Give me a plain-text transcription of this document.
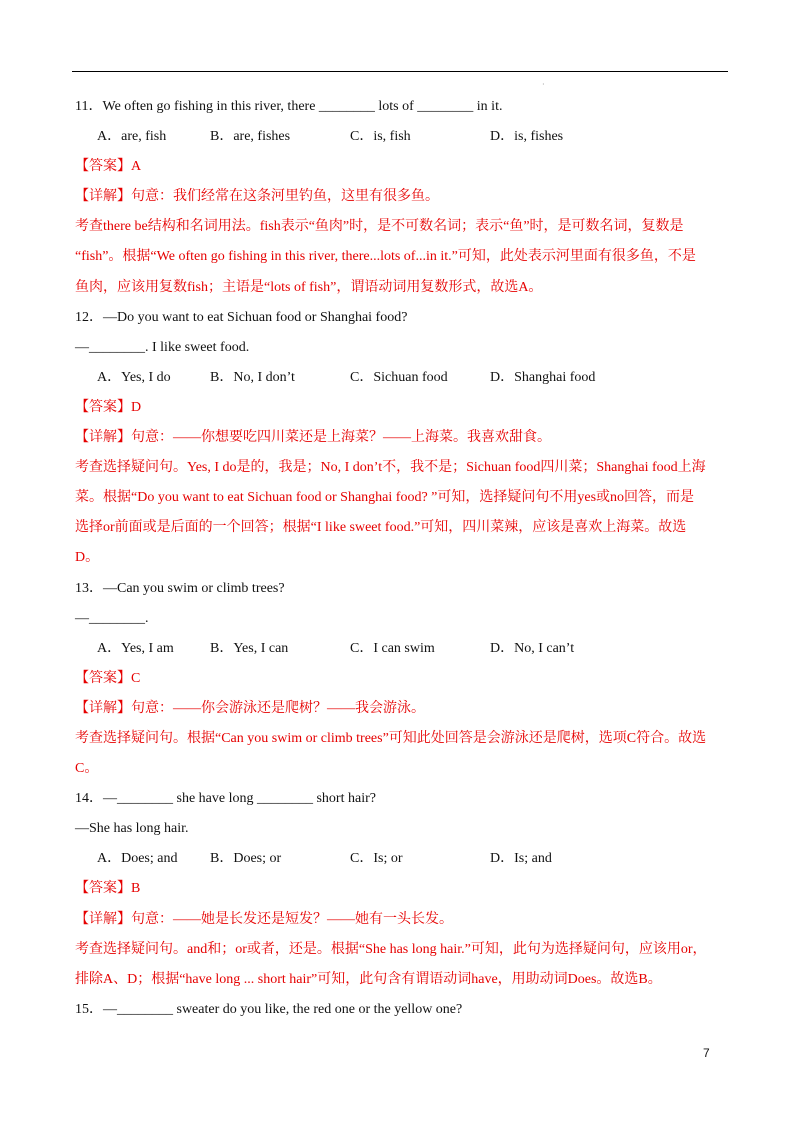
·
11．We often go fishing in this river, there ________ lots of ________ in it.
A．are, fish	B．are, fishes	C．is, fish	D．is, fishes
【答案】A
【详解】句意：我们经常在这条河里钓鱼，这里有很多鱼。
考查there be结构和名词用法。fish表示“鱼肉”时，是不可数名词；表示“鱼”时，是可数名词，复数是
“fish”。根据“We often go fishing in this river, there...lots of...in it.”可知，此处表示河里面有很多鱼，不是
鱼肉，应该用复数fish；主语是“lots of fish”，谓语动词用复数形式，故选A。
12．—Do you want to eat Sichuan food or Shanghai food?
—________. I like sweet food.
A．Yes, I do	B．No, I don’t	C．Sichuan food	D．Shanghai food
【答案】D
【详解】句意：——你想要吃四川菜还是上海菜？——上海菜。我喜欢甜食。
考查选择疑问句。Yes, I do是的，我是；No, I don’t不，我不是；Sichuan food四川菜；Shanghai food上海
菜。根据“Do you want to eat Sichuan food or Shanghai food? ”可知，选择疑问句不用yes或no回答，而是
选择or前面或是后面的一个回答；根据“I like sweet food.”可知，四川菜辣，应该是喜欢上海菜。故选
D。
13．—Can you swim or climb trees?
—________.
A．Yes, I am	B．Yes, I can	C．I can swim	D．No, I can’t
【答案】C
【详解】句意：——你会游泳还是爬树？——我会游泳。
考查选择疑问句。根据“Can you swim or climb trees”可知此处回答是会游泳还是爬树，选项C符合。故选
C。
14．—________ she have long ________ short hair?
—She has long hair.
A．Does; and	B．Does; or	C．Is; or	D．Is; and
【答案】B
【详解】句意：——她是长发还是短发？——她有一头长发。
考查选择疑问句。and和；or或者，还是。根据“She has long hair.”可知，此句为选择疑问句，应该用or，
排除A、D；根据“have long ... short hair”可知，此句含有谓语动词have，用助动词Does。故选B。
15．—________ sweater do you like, the red one or the yellow one?
7
